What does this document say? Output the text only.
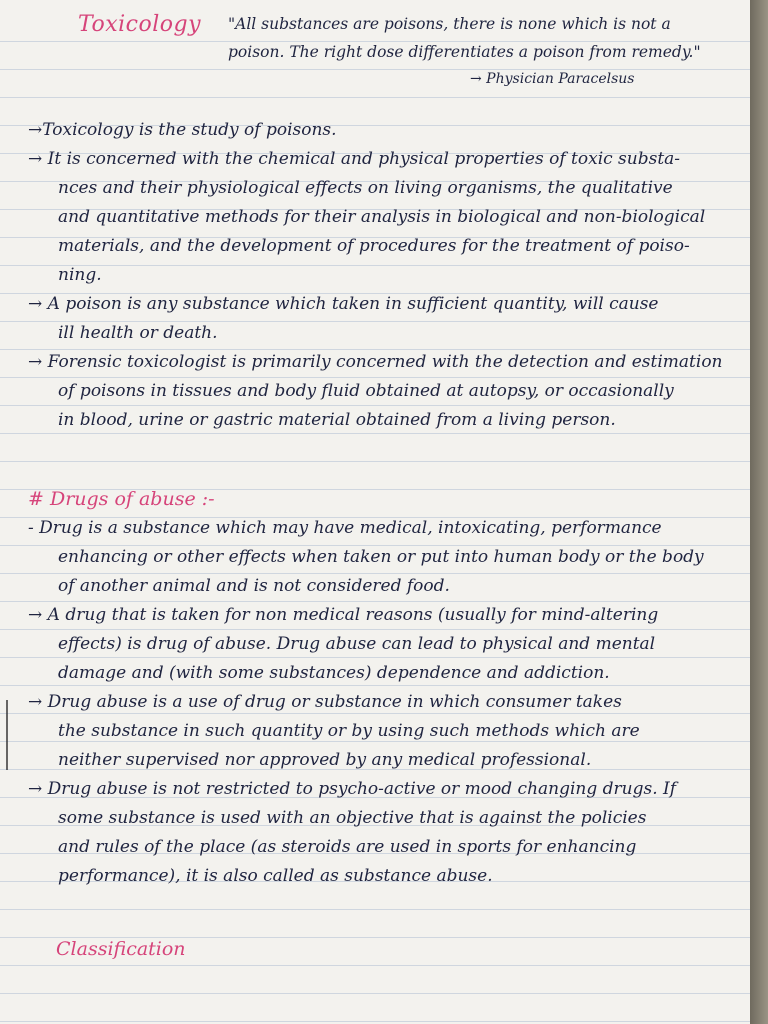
Toxicology "All substances are poisons, there is none which is not a
poison. The right dose differentiates a poison from remedy."
→ Physician Paracelsus
→Toxicology is the study of poisons.
→ It is concerned with the chemical and physical properties of toxic substa-
nces and their physiological effects on living organisms, the qualitative
and quantitative methods for their analysis in biological and non-biological
materials, and the development of procedures for the treatment of poiso-
ning.
→ A poison is any substance which taken in sufficient quantity, will cause
ill health or death.
→ Forensic toxicologist is primarily concerned with the detection and estimation
of poisons in tissues and body fluid obtained at autopsy, or occasionally
in blood, urine or gastric material obtained from a living person.
# Drugs of abuse :-
- Drug is a substance which may have medical, intoxicating, performance
enhancing or other effects when taken or put into human body or the body
of another animal and is not considered food.
→ A drug that is taken for non medical reasons (usually for mind-altering
effects) is drug of abuse. Drug abuse can lead to physical and mental
damage and (with some substances) dependence and addiction.
→ Drug abuse is a use of drug or substance in which consumer takes
the substance in such quantity or by using such methods which are
neither supervised nor approved by any medical professional.
→ Drug abuse is not restricted to psycho-active or mood changing drugs. If
some substance is used with an objective that is against the policies
and rules of the place (as steroids are used in sports for enhancing
performance), it is also called as substance abuse.
Classification
